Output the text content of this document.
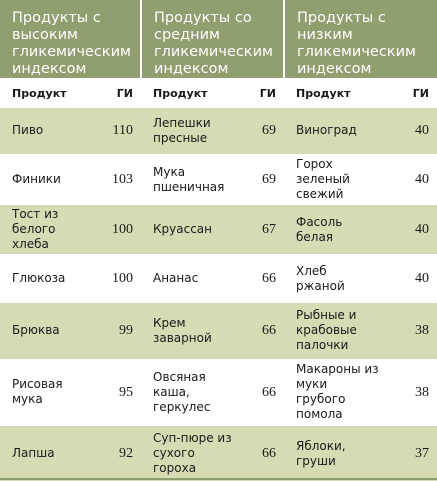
Продукты с высоким гликемическим индексом		Продукты со средним гликемическим индексом		Продукты с низким гликемическим индексом	
Продукт	ГИ	Продукт	ГИ	Продукт	ГИ
Пиво	110	Лепешки пресные	69	Виноград	40
Финики	103	Мука пшеничная	69	Горох зеленый свежий	40
Тост из белого хлеба	100	Круассан	67	Фасоль белая	40
Глюкоза	100	Ананас	66	Хлеб ржаной	40
Брюква	99	Крем заварной	66	Рыбные и крабовые палочки	38
Рисовая мука	95	Овсяная каша, геркулес	66	Макароны из муки грубого помола	38
Лапша	92	Суп-пюре из сухого гороха	66	Яблоки, груши	37
